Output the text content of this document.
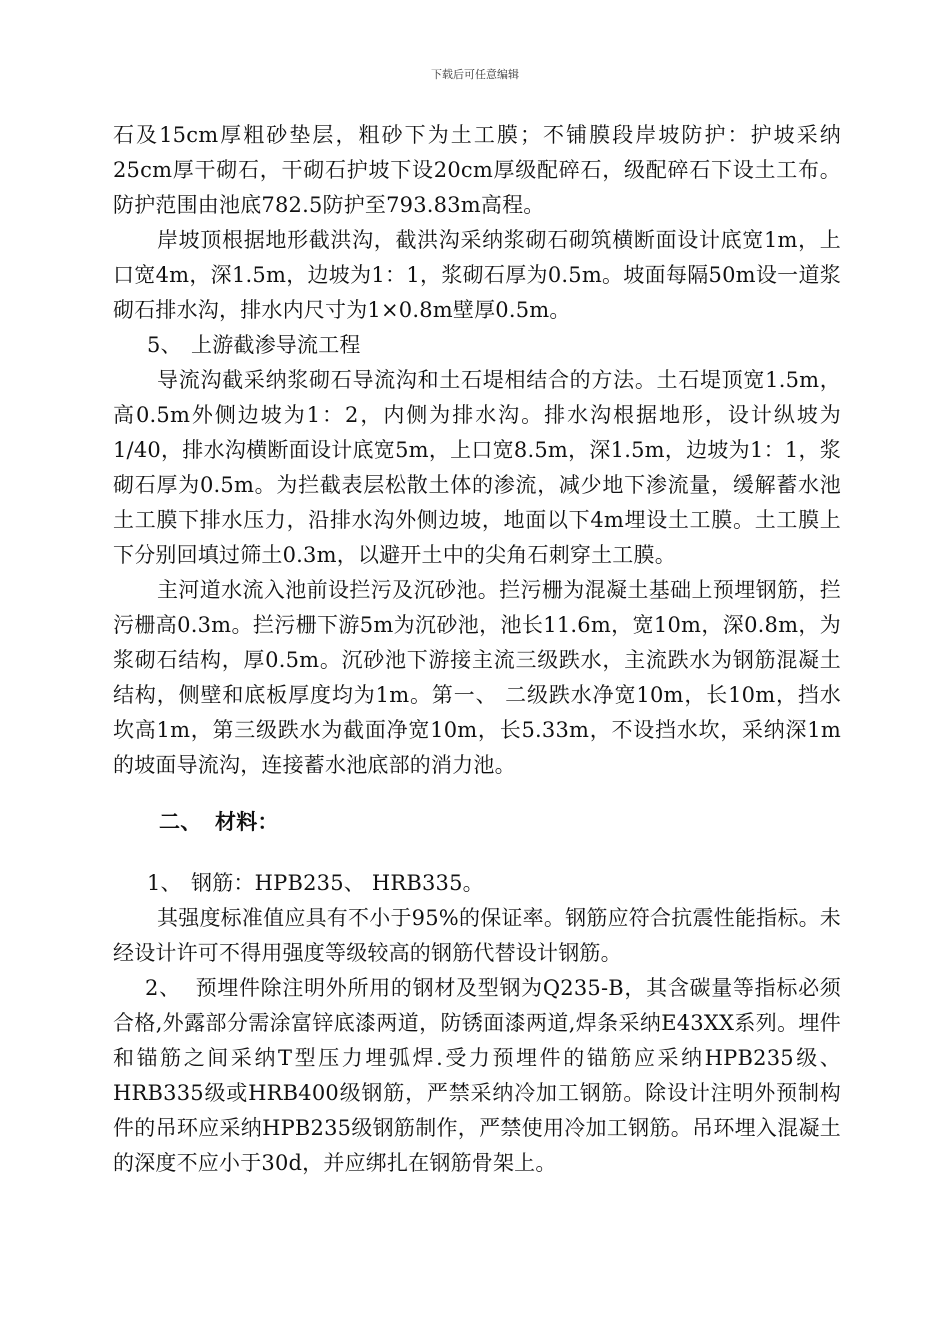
下载后可任意编辑

石及15cm厚粗砂垫层，粗砂下为土工膜；不铺膜段岸坡防护：护坡采纳25cm厚干砌石，干砌石护坡下设20cm厚级配碎石，级配碎石下设土工布。防护范围由池底782.5防护至793.83m高程。

岸坡顶根据地形截洪沟，截洪沟采纳浆砌石砌筑横断面设计底宽1m，上口宽4m，深1.5m，边坡为1：1，浆砌石厚为0.5m。坡面每隔50m设一道浆砌石排水沟，排水内尺寸为1×0.8m壁厚0.5m。

5、 上游截渗导流工程

导流沟截采纳浆砌石导流沟和土石堤相结合的方法。土石堤顶宽1.5m，高0.5m外侧边坡为1：2，内侧为排水沟。排水沟根据地形，设计纵坡为1/40，排水沟横断面设计底宽5m，上口宽8.5m，深1.5m，边坡为1：1，浆砌石厚为0.5m。为拦截表层松散土体的渗流，减少地下渗流量，缓解蓄水池土工膜下排水压力，沿排水沟外侧边坡，地面以下4m埋设土工膜。土工膜上下分别回填过筛土0.3m，以避开土中的尖角石刺穿土工膜。

主河道水流入池前设拦污及沉砂池。拦污栅为混凝土基础上预埋钢筋，拦污栅高0.3m。拦污栅下游5m为沉砂池，池长11.6m，宽10m，深0.8m，为浆砌石结构，厚0.5m。沉砂池下游接主流三级跌水，主流跌水为钢筋混凝土结构，侧壁和底板厚度均为1m。第一、 二级跌水净宽10m，长10m，挡水坎高1m，第三级跌水为截面净宽10m，长5.33m，不设挡水坎，采纳深1m的坡面导流沟，连接蓄水池底部的消力池。

二、 材料：

1、 钢筋：HPB235、 HRB335。

其强度标准值应具有不小于95%的保证率。钢筋应符合抗震性能指标。未经设计许可不得用强度等级较高的钢筋代替设计钢筋。

2、 预埋件除注明外所用的钢材及型钢为Q235-B，其含碳量等指标必须合格,外露部分需涂富锌底漆两道，防锈面漆两道,焊条采纳E43XX系列。埋件和锚筋之间采纳T型压力埋弧焊.受力预埋件的锚筋应采纳HPB235级、 HRB335级或HRB400级钢筋，严禁采纳冷加工钢筋。除设计注明外预制构件的吊环应采纳HPB235级钢筋制作，严禁使用冷加工钢筋。吊环埋入混凝土的深度不应小于30d，并应绑扎在钢筋骨架上。
